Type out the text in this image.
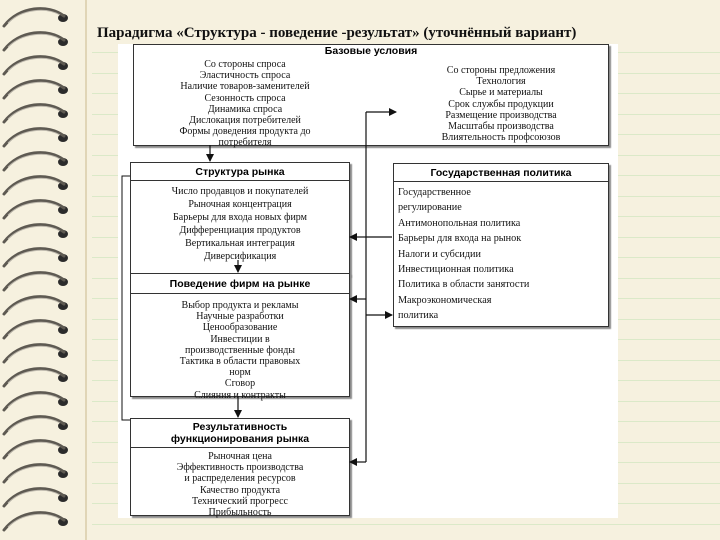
Парадигма «Структура - поведение -результат» (уточнённый вариант)
Базовые условия
Со стороны спроса
Эластичность спроса
Наличие товаров-заменителей
Сезонность спроса
Динамика спроса
Дислокация потребителей
Формы доведения продукта до
потребителя
Со стороны предложения
Технология
Сырье и материалы
Срок службы продукции
Размещение производства
Масштабы производства
Влиятельность профсоюзов
Структура рынка
Число продавцов и покупателей
Рыночная концентрация
Барьеры для входа новых фирм
Дифференциация продуктов
Вертикальная интеграция
Диверсификация
Государственная политика
Государственное
регулирование
Антимонопольная политика
Барьеры для входа на рынок
Налоги и субсидии
Инвестиционная политика
Политика в области занятости
Макроэкономическая
политика
Поведение фирм на рынке
Выбор продукта и рекламы
Научные разработки
Ценообразование
Инвестиции в
производственные фонды
Тактика в области правовых
норм
Сговор
Слияния и контракты
Результативность
функционирования рынка
Рыночная цена
Эффективность производства
и распределения ресурсов
Качество продукта
Технический прогресс
Прибыльность
